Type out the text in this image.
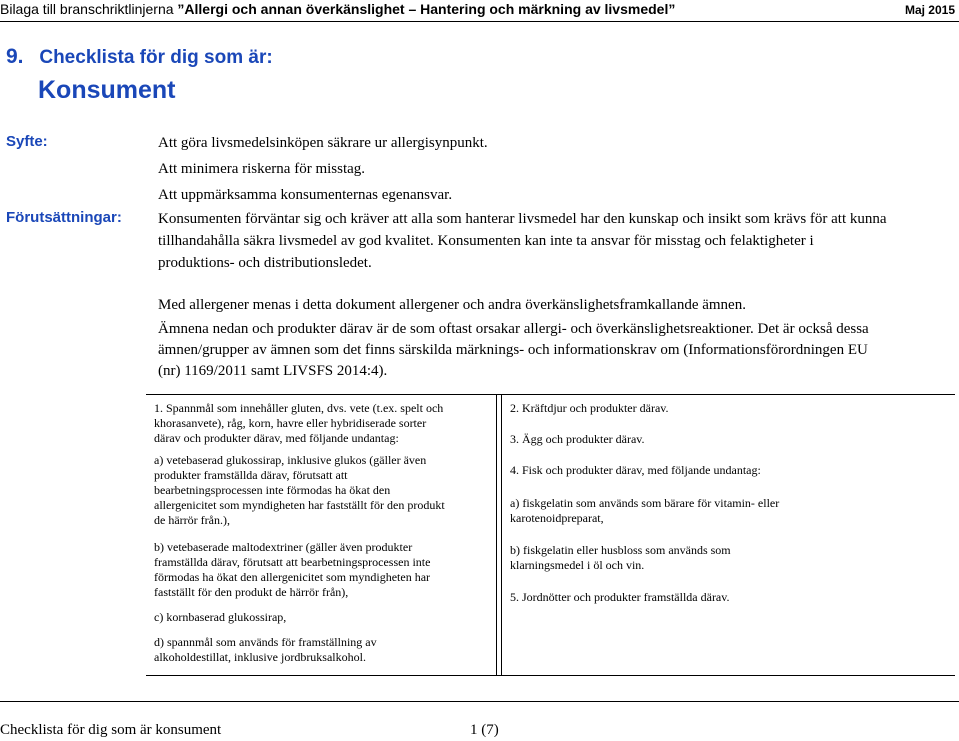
Bilaga till branschriktlinjerna ”Allergi och annan överkänslighet – Hantering och märkning av livsmedel”	Maj 2015
9. Checklista för dig som är:
Konsument
Syfte:	Att göra livsmedelsinköpen säkrare ur allergisynpunkt.
Att minimera riskerna för misstag.
Att uppmärksamma konsumenternas egenansvar.
Förutsättningar: Konsumenten förväntar sig och kräver att alla som hanterar livsmedel har den kunskap och insikt som krävs för att kunna
tillhandahålla säkra livsmedel av god kvalitet. Konsumenten kan inte ta ansvar för misstag och felaktigheter i
produktions- och distributionsledet.
Med allergener menas i detta dokument allergener och andra överkänslighetsframkallande ämnen.
Ämnena nedan och produkter därav är de som oftast orsakar allergi- och överkänslighetsreaktioner. Det är också dessa
ämnen/grupper av ämnen som det finns särskilda märknings- och informationskrav om (Informationsförordningen EU
(nr) 1169/2011 samt LIVSFS 2014:4).
1. Spannmål som innehåller gluten, dvs. vete (t.ex. spelt och
khorasanvete), råg, korn, havre eller hybridiserade sorter
därav och produkter därav, med följande undantag:
a) vetebaserad glukossirap, inklusive glukos (gäller även
produkter framställda därav, förutsatt att
bearbetningsprocessen inte förmodas ha ökat den
allergenicitet som myndigheten har fastställt för den produkt
de härrör från.),
b) vetebaserade maltodextriner (gäller även produkter
framställda därav, förutsatt att bearbetningsprocessen inte
förmodas ha ökat den allergenicitet som myndigheten har
fastställt för den produkt de härrör från),
c) kornbaserad glukossirap,
d) spannmål som används för framställning av
alkoholdestillat, inklusive jordbruksalkohol.
2. Kräftdjur och produkter därav.
3. Ägg och produkter därav.
4. Fisk och produkter därav, med följande undantag:
a) fiskgelatin som används som bärare för vitamin- eller
karotenoidpreparat,
b) fiskgelatin eller husbloss som används som
klarningsmedel i öl och vin.
5. Jordnötter och produkter framställda därav.
Checklista för dig som är konsument	1 (7)
